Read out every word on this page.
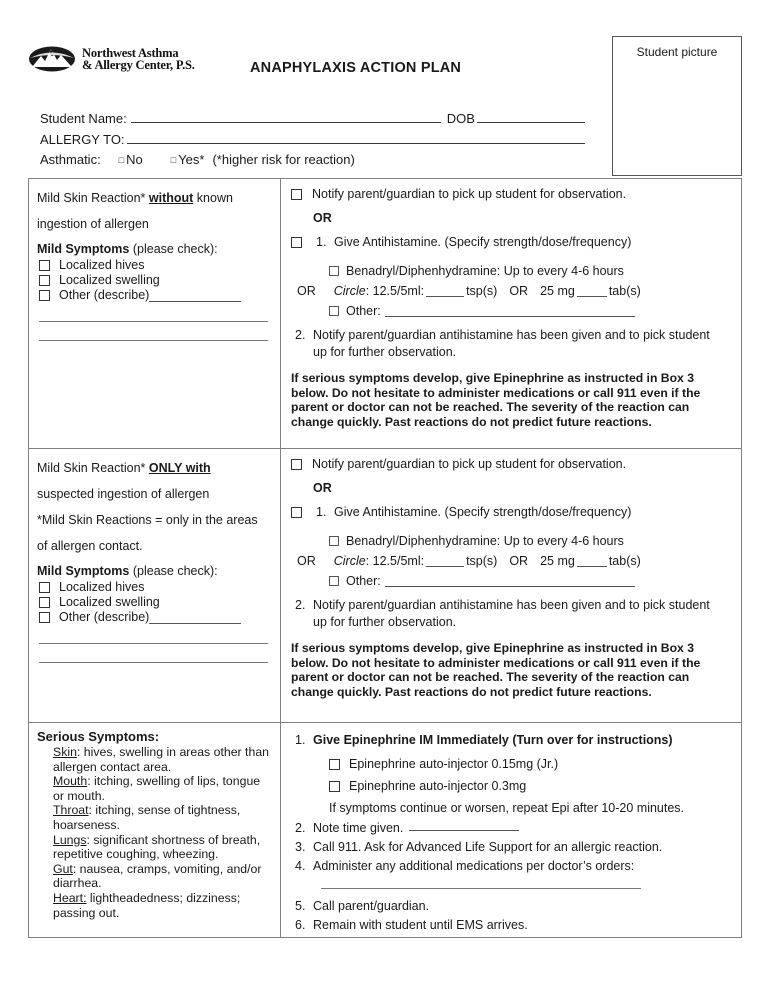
Northwest Asthma
& Allergy Center, P.S.	ANAPHYLAXIS ACTION PLAN
Student picture
Student Name:	DOB
ALLERGY TO:
Asthmatic: □ No	□ Yes* (*higher risk for reaction)
Mild Skin Reaction* without known
ingestion of allergen
Mild Symptoms (please check):
Localized hives
Localized swelling
Other (describe)
Notify parent/guardian to pick up student for observation.
OR
1. Give Antihistamine. (Specify strength/dose/frequency)
Benadryl/Diphenhydramine: Up to every 4-6 hours
OR Circle : 12.5/5ml:	tsp(s) OR 25 mg	tab(s)
Other:
2. Notify parent/guardian antihistamine has been given and to pick student
up for further observation.
If serious symptoms develop, give Epinephrine as instructed in Box 3 below. Do not hesitate to administer medications or call 911 even if the parent or doctor can not be reached. The severity of the reaction can change quickly. Past reactions do not predict future reactions.
Mild Skin Reaction* ONLY with
suspected ingestion of allergen
*Mild Skin Reactions = only in the areas
of allergen contact.
Mild Symptoms (please check):
Localized hives
Localized swelling
Other (describe)
Notify parent/guardian to pick up student for observation.
OR
1. Give Antihistamine. (Specify strength/dose/frequency)
Benadryl/Diphenhydramine: Up to every 4-6 hours
OR Circle : 12.5/5ml:	tsp(s) OR 25 mg	tab(s)
Other:
2. Notify parent/guardian antihistamine has been given and to pick student
up for further observation.
If serious symptoms develop, give Epinephrine as instructed in Box 3 below. Do not hesitate to administer medications or call 911 even if the parent or doctor can not be reached. The severity of the reaction can change quickly. Past reactions do not predict future reactions.
Serious Symptoms:
Skin: hives, swelling in areas other than allergen contact area.
Mouth: itching, swelling of lips, tongue or mouth.
Throat: itching, sense of tightness, hoarseness.
Lungs: significant shortness of breath, repetitive coughing, wheezing.
Gut: nausea, cramps, vomiting, and/or diarrhea.
Heart: lightheadedness; dizziness; passing out.
1. Give Epinephrine IM Immediately (Turn over for instructions)
Epinephrine auto-injector 0.15mg (Jr.)
Epinephrine auto-injector 0.3mg
If symptoms continue or worsen, repeat Epi after 10-20 minutes.
2. Note time given.
3. Call 911. Ask for Advanced Life Support for an allergic reaction.
4. Administer any additional medications per doctor’s orders:
5. Call parent/guardian.
6. Remain with student until EMS arrives.
